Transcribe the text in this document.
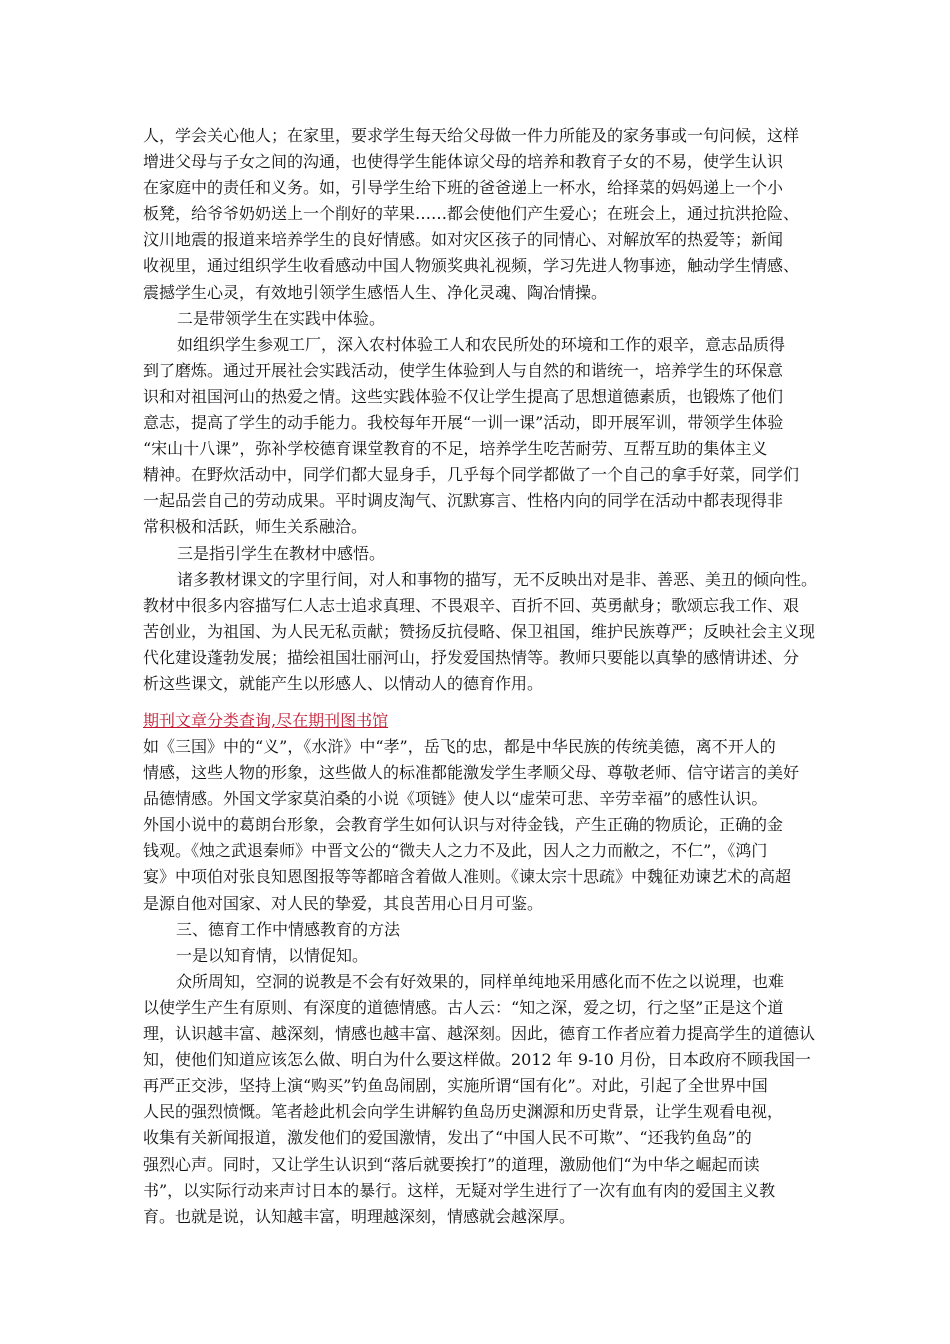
人，学会关心他人；在家里，要求学生每天给父母做一件力所能及的家务事或一句问候，这样
增进父母与子女之间的沟通，也使得学生能体谅父母的培养和教育子女的不易，使学生认识
在家庭中的责任和义务。如，引导学生给下班的爸爸递上一杯水，给择菜的妈妈递上一个小
板凳，给爷爷奶奶送上一个削好的苹果……都会使他们产生爱心；在班会上，通过抗洪抢险、
汶川地震的报道来培养学生的良好情感。如对灾区孩子的同情心、对解放军的热爱等；新闻
收视里，通过组织学生收看感动中国人物颁奖典礼视频，学习先进人物事迹，触动学生情感、
震撼学生心灵，有效地引领学生感悟人生、净化灵魂、陶冶情操。
二是带领学生在实践中体验。
如组织学生参观工厂，深入农村体验工人和农民所处的环境和工作的艰辛，意志品质得
到了磨炼。通过开展社会实践活动，使学生体验到人与自然的和谐统一，培养学生的环保意
识和对祖国河山的热爱之情。这些实践体验不仅让学生提高了思想道德素质，也锻炼了他们
意志，提高了学生的动手能力。我校每年开展“一训一课”活动，即开展军训，带领学生体验
“宋山十八课”，弥补学校德育课堂教育的不足，培养学生吃苦耐劳、互帮互助的集体主义
精神。在野炊活动中，同学们都大显身手，几乎每个同学都做了一个自己的拿手好菜，同学们
一起品尝自己的劳动成果。平时调皮淘气、沉默寡言、性格内向的同学在活动中都表现得非
常积极和活跃，师生关系融洽。
三是指引学生在教材中感悟。
诸多教材课文的字里行间，对人和事物的描写，无不反映出对是非、善恶、美丑的倾向性。
教材中很多内容描写仁人志士追求真理、不畏艰辛、百折不回、英勇献身；歌颂忘我工作、艰
苦创业，为祖国、为人民无私贡献；赞扬反抗侵略、保卫祖国，维护民族尊严；反映社会主义现
代化建设蓬勃发展；描绘祖国壮丽河山，抒发爱国热情等。教师只要能以真挚的感情讲述、分
析这些课文，就能产生以形感人、以情动人的德育作用。
期刊文章分类查询,尽在期刊图书馆
如《三国》中的“义”，《水浒》中“孝”，岳飞的忠，都是中华民族的传统美德，离不开人的
情感，这些人物的形象，这些做人的标准都能激发学生孝顺父母、尊敬老师、信守诺言的美好
品德情感。外国文学家莫泊桑的小说《项链》使人以“虚荣可悲、辛劳幸福”的感性认识。
外国小说中的葛朗台形象，会教育学生如何认识与对待金钱，产生正确的物质论，正确的金
钱观。《烛之武退秦师》中晋文公的“微夫人之力不及此，因人之力而敝之，不仁”，《鸿门
宴》中项伯对张良知恩图报等等都暗含着做人准则。《谏太宗十思疏》中魏征劝谏艺术的高超
是源自他对国家、对人民的挚爱，其良苦用心日月可鉴。
三、德育工作中情感教育的方法
一是以知育情，以情促知。
众所周知，空洞的说教是不会有好效果的，同样单纯地采用感化而不佐之以说理，也难
以使学生产生有原则、有深度的道德情感。古人云：“知之深，爱之切，行之坚”正是这个道
理，认识越丰富、越深刻，情感也越丰富、越深刻。因此，德育工作者应着力提高学生的道德认
知，使他们知道应该怎么做、明白为什么要这样做。2012 年 9-10 月份，日本政府不顾我国一
再严正交涉，坚持上演“购买”钓鱼岛闹剧，实施所谓“国有化”。对此，引起了全世界中国
人民的强烈愤慨。笔者趁此机会向学生讲解钓鱼岛历史渊源和历史背景，让学生观看电视，
收集有关新闻报道，激发他们的爱国激情，发出了“中国人民不可欺”、“还我钓鱼岛”的
强烈心声。同时，又让学生认识到“落后就要挨打”的道理，激励他们“为中华之崛起而读
书”，以实际行动来声讨日本的暴行。这样，无疑对学生进行了一次有血有肉的爱国主义教
育。也就是说，认知越丰富，明理越深刻，情感就会越深厚。
